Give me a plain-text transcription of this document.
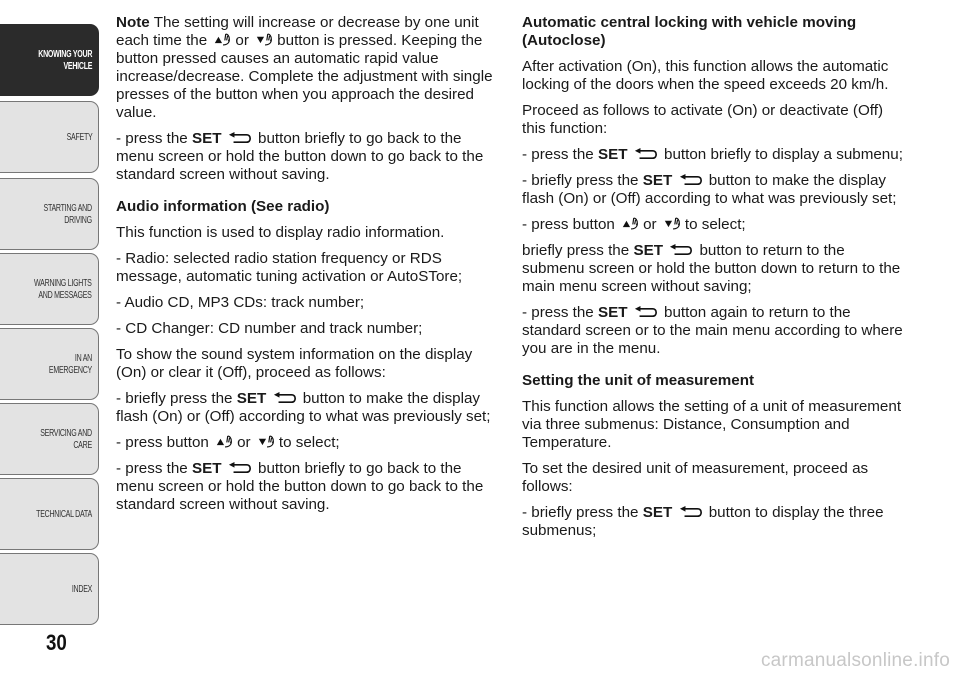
KNOWING YOUR
VEHICLE
SAFETY
STARTING AND
DRIVING
WARNING LIGHTS
AND MESSAGES
IN AN EMERGENCY
SERVICING AND
CARE
TECHNICAL DATA
INDEX
30

Note The setting will increase or decrease by one unit each time the or button is pressed. Keeping the button pressed causes an automatic rapid value increase/decrease. Complete the adjustment with single presses of the button when you approach the desired value.

- press the SET button briefly to go back to the menu screen or hold the button down to go back to the standard screen without saving.

Audio information (See radio)

This function is used to display radio information.

- Radio: selected radio station frequency or RDS message, automatic tuning activation or AutoSTore;

- Audio CD, MP3 CDs: track number;

- CD Changer: CD number and track number;

To show the sound system information on the display (On) or clear it (Off), proceed as follows:

- briefly press the SET button to make the display flash (On) or (Off) according to what was previously set;

- press button or to select;

- press the SET button briefly to go back to the menu screen or hold the button down to go back to the standard screen without saving.

Automatic central locking with vehicle moving (Autoclose)

After activation (On), this function allows the automatic locking of the doors when the speed exceeds 20 km/h.

Proceed as follows to activate (On) or deactivate (Off) this function:

- press the SET button briefly to display a submenu;

- briefly press the SET button to make the display flash (On) or (Off) according to what was previously set;

- press button or to select;

briefly press the SET button to return to the submenu screen or hold the button down to return to the main menu screen without saving;

- press the SET button again to return to the standard screen or to the main menu according to where you are in the menu.

Setting the unit of measurement

This function allows the setting of a unit of measurement via three submenus: Distance, Consumption and Temperature.

To set the desired unit of measurement, proceed as follows:

- briefly press the SET button to display the three submenus;

carmanualsonline.info
